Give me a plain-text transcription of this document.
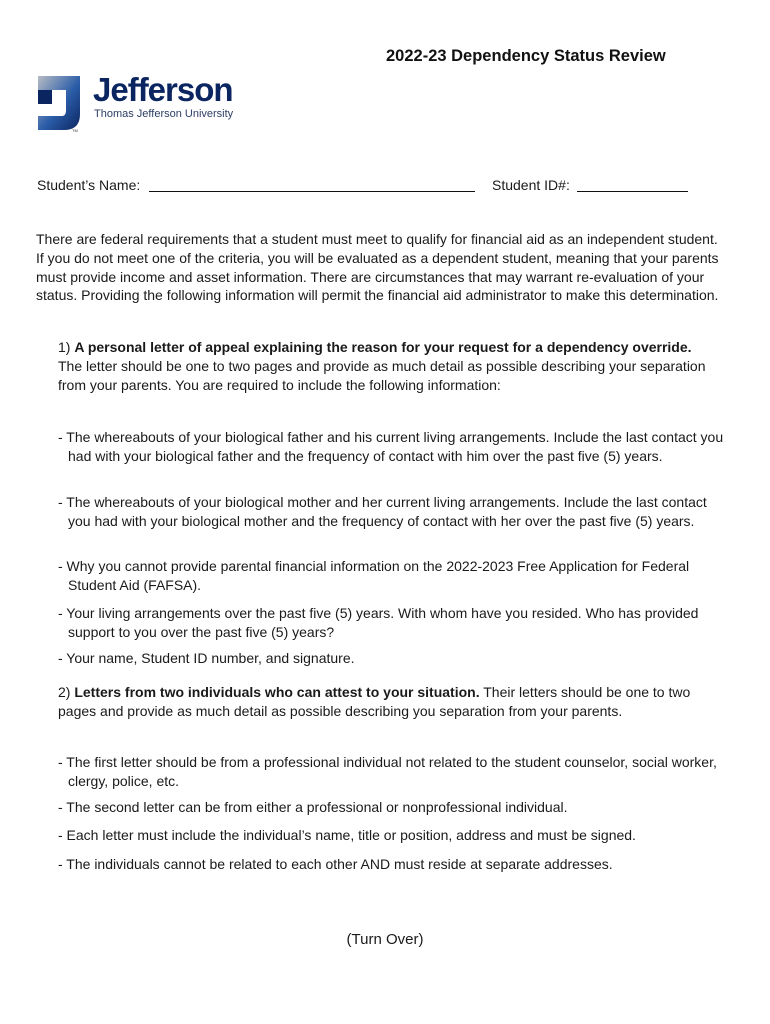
2022-23 Dependency Status Review
TM
Jefferson
Thomas Jefferson University
Student’s Name:	Student ID#:
There are federal requirements that a student must meet to qualify for financial aid as an independent student. If you do not meet one of the criteria, you will be evaluated as a dependent student, meaning that your parents must provide income and asset information. There are circumstances that may warrant re-evaluation of your status. Providing the following information will permit the financial aid administrator to make this determination.
1) A personal letter of appeal explaining the reason for your request for a dependency override. The letter should be one to two pages and provide as much detail as possible describing your separation from your parents. You are required to include the following information:
- The whereabouts of your biological father and his current living arrangements. Include the last contact you had with your biological father and the frequency of contact with him over the past five (5) years.
- The whereabouts of your biological mother and her current living arrangements. Include the last contact you had with your biological mother and the frequency of contact with her over the past five (5) years.
- Why you cannot provide parental financial information on the 2022-2023 Free Application for Federal Student Aid (FAFSA).
- Your living arrangements over the past five (5) years. With whom have you resided. Who has provided support to you over the past five (5) years?
- Your name, Student ID number, and signature.
2) Letters from two individuals who can attest to your situation. Their letters should be one to two pages and provide as much detail as possible describing you separation from your parents.
- The first letter should be from a professional individual not related to the student counselor, social worker, clergy, police, etc.
- The second letter can be from either a professional or nonprofessional individual.
- Each letter must include the individual’s name, title or position, address and must be signed.
- The individuals cannot be related to each other AND must reside at separate addresses.
(Turn Over)
